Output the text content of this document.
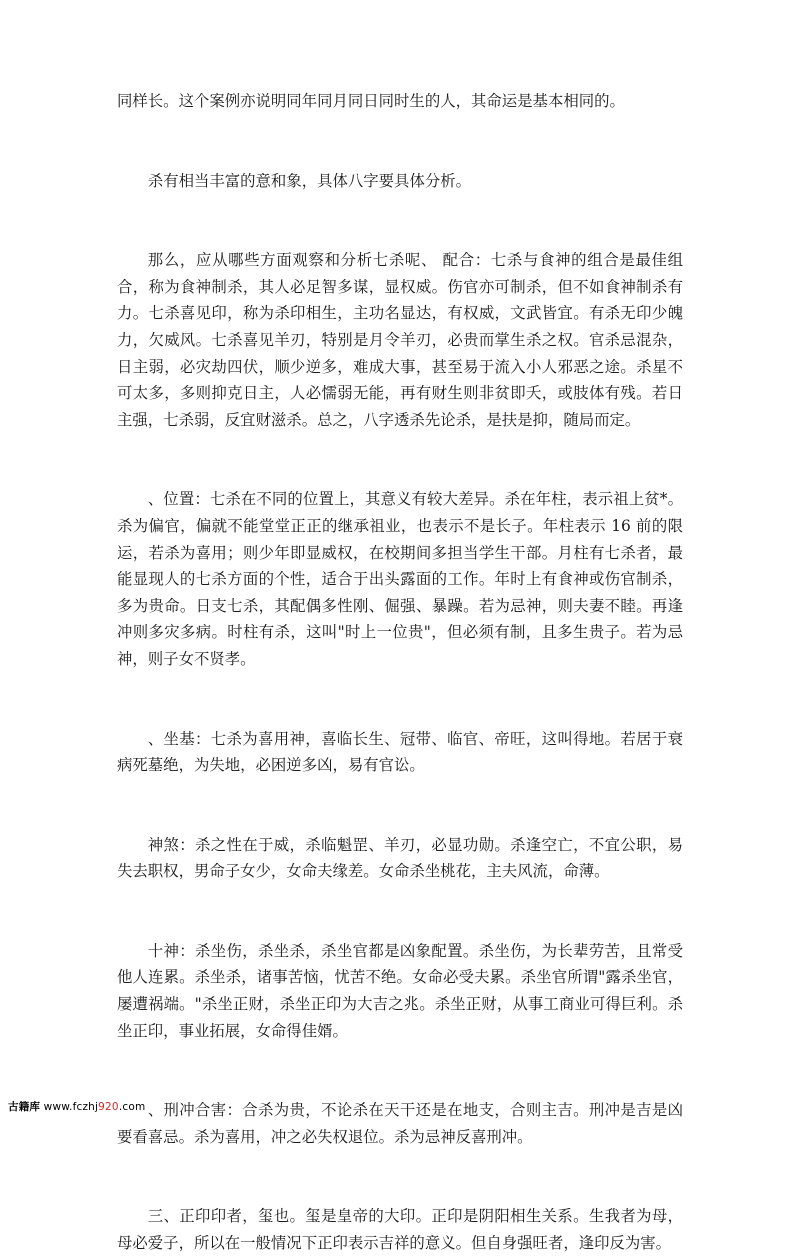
同样长。这个案例亦说明同年同月同日同时生的人，其命运是基本相同的。

杀有相当丰富的意和象，具体八字要具体分析。

那么，应从哪些方面观察和分析七杀呢、 配合：七杀与食神的组合是最佳组合，称为食神制杀，其人必足智多谋，显权威。伤官亦可制杀，但不如食神制杀有力。七杀喜见印，称为杀印相生，主功名显达，有权威，文武皆宜。有杀无印少魄力，欠威风。七杀喜见羊刃，特别是月令羊刃，必贵而掌生杀之权。官杀忌混杂，日主弱，必灾劫四伏，顺少逆多，难成大事，甚至易于流入小人邪恶之途。杀星不可太多，多则抑克日主，人必懦弱无能，再有财生则非贫即夭，或肢体有残。若日主强，七杀弱，反宜财滋杀。总之，八字透杀先论杀，是扶是抑，随局而定。

、位置：七杀在不同的位置上，其意义有较大差异。杀在年柱，表示祖上贫*。杀为偏官，偏就不能堂堂正正的继承祖业，也表示不是长子。年柱表示 16 前的限运，若杀为喜用；则少年即显威权，在校期间多担当学生干部。月柱有七杀者，最能显现人的七杀方面的个性，适合于出头露面的工作。年时上有食神或伤官制杀，多为贵命。日支七杀，其配偶多性刚、倔强、暴躁。若为忌神，则夫妻不睦。再逢冲则多灾多病。时柱有杀，这叫"时上一位贵"，但必须有制，且多生贵子。若为忌神，则子女不贤孝。

、坐基：七杀为喜用神，喜临长生、冠带、临官、帝旺，这叫得地。若居于衰病死墓绝，为失地，必困逆多凶，易有官讼。

神煞：杀之性在于威，杀临魁罡、羊刃，必显功勋。杀逢空亡，不宜公职，易失去职权，男命子女少，女命夫缘差。女命杀坐桃花，主夫风流，命薄。

十神：杀坐伤，杀坐杀，杀坐官都是凶象配置。杀坐伤，为长辈劳苦，且常受他人连累。杀坐杀，诸事苦恼，忧苦不绝。女命必受夫累。杀坐官所谓"露杀坐官，屡遭祸端。"杀坐正财，杀坐正印为大吉之兆。杀坐正财，从事工商业可得巨利。杀坐正印，事业拓展，女命得佳婿。

、刑冲合害：合杀为贵，不论杀在天干还是在地支，合则主吉。刑冲是吉是凶要看喜忌。杀为喜用，冲之必失权退位。杀为忌神反喜刑冲。

三、正印印者，玺也。玺是皇帝的大印。正印是阴阳相生关系。生我者为母，母必爱子，所以在一般情况下正印表示吉祥的意义。但自身强旺者，逢印反为害。

古籍库 www.fczhj920.com
